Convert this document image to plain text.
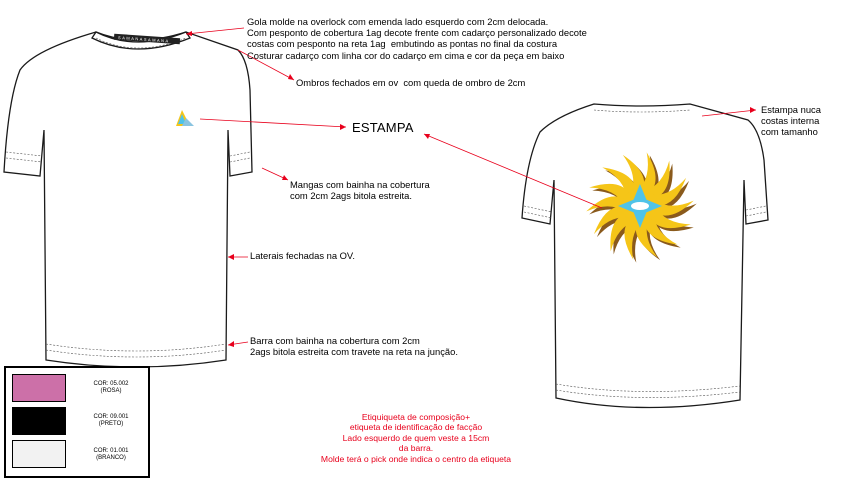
SAMANASAMANA
Gola molde na overlock com emenda lado esquerdo com 2cm delocada.
Com pesponto de cobertura 1ag decote frente com cadarço personalizado decote
costas com pesponto na reta 1ag  embutindo as pontas no final da costura
Costurar cadarço com linha cor do cadarço em cima e cor da peça em baixo
Ombros fechados em ov  com queda de ombro de 2cm
ESTAMPA
Mangas com bainha na cobertura
com 2cm 2ags bitola estreita.
Laterais fechadas na OV.
Barra com bainha na cobertura com 2cm
2ags bitola estreita com travete na reta na junção.
Estampa nuca
costas interna
com tamanho
Etiquiqueta de composição+
etiqueta de identificação de facção
Lado esquerdo de quem veste a 15cm
da barra.
Molde terá o pick onde indica o centro da etiqueta
COR: 05.002
(ROSA)
COR: 09.001
(PRETO)
COR: 01.001
(BRANCO)
